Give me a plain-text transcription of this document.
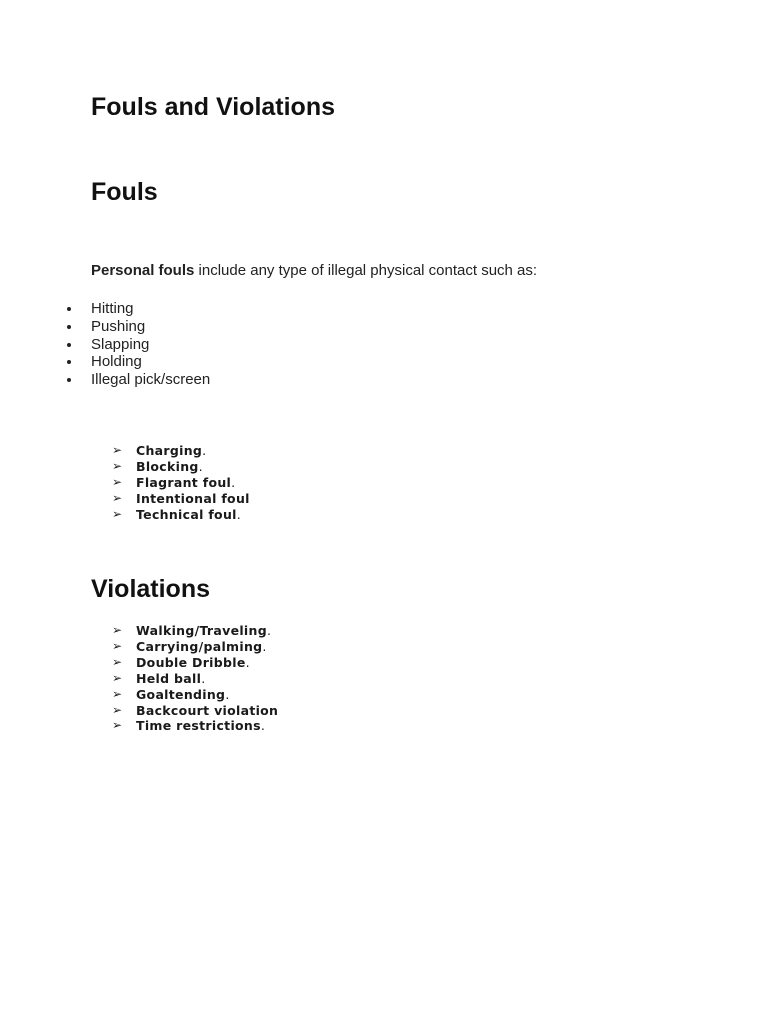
Fouls and Violations
Fouls

Personal fouls include any type of illegal physical contact such as:

Hitting
Pushing
Slapping
Holding
Illegal pick/screen
➢ Charging.
➢ Blocking.
➢ Flagrant foul.
➢ Intentional foul
➢ Technical foul.
Violations
➢ Walking/Traveling.
➢ Carrying/palming.
➢ Double Dribble.
➢ Held ball.
➢ Goaltending.
➢ Backcourt violation
➢ Time restrictions.
